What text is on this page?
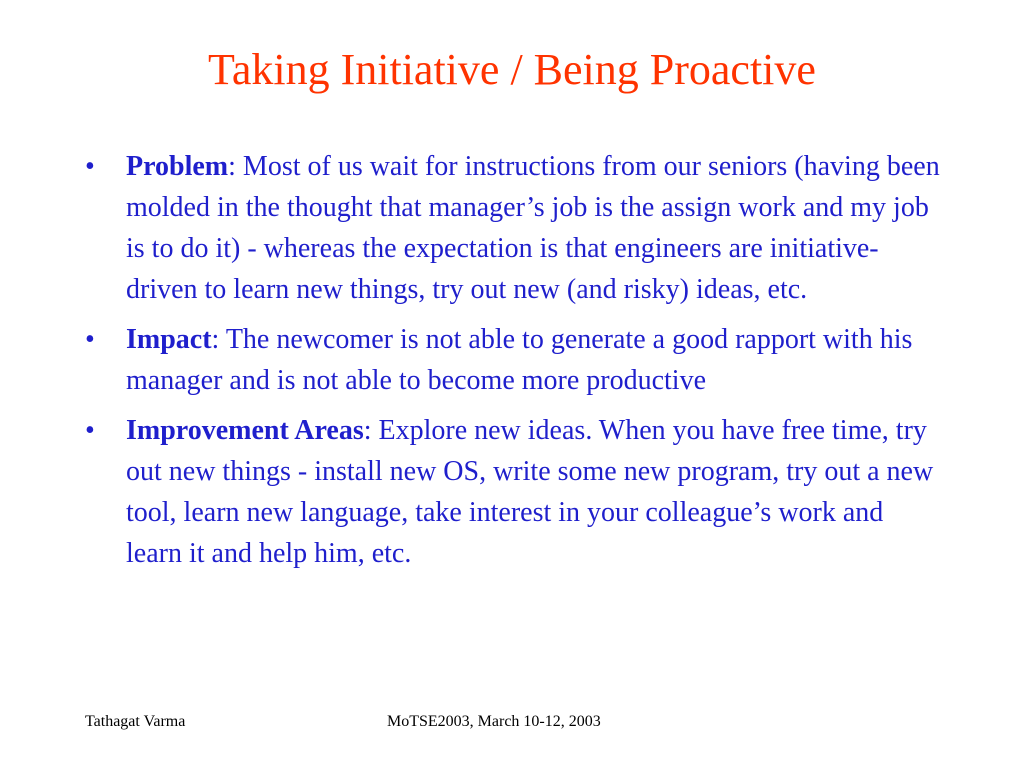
Taking Initiative / Being Proactive
• Problem: Most of us wait for instructions from our seniors (having been molded in the thought that manager’s job is the assign work and my job is to do it) - whereas the expectation is that engineers are initiative-driven to learn new things, try out new (and risky) ideas, etc.
• Impact: The newcomer is not able to generate a good rapport with his manager and is not able to become more productive
• Improvement Areas: Explore new ideas. When you have free time, try out new things - install new OS, write some new program, try out a new tool, learn new language, take interest in your colleague’s work and learn it and help him, etc.
Tathagat Varma	MoTSE2003, March 10-12, 2003
